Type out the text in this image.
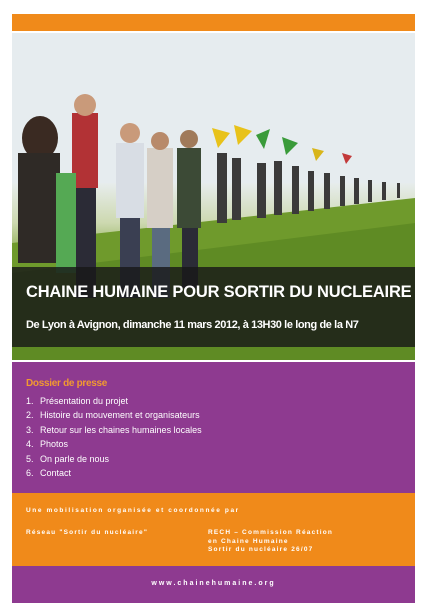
CHAINE HUMAINE POUR SORTIR DU NUCLEAIRE
De Lyon à Avignon, dimanche 11 mars 2012, à 13H30 le long de la N7
Dossier de presse
1. Présentation du projet
2. Histoire du mouvement et organisateurs
3. Retour sur les chaines humaines locales
4. Photos
5. On parle de nous
6. Contact
Une mobilisation organisée et coordonnée par
Réseau "Sortir du nucléaire"	RECH – Commission Réaction
en Chaine Humaine
Sortir du nucléaire 26/07
www.chainehumaine.org
